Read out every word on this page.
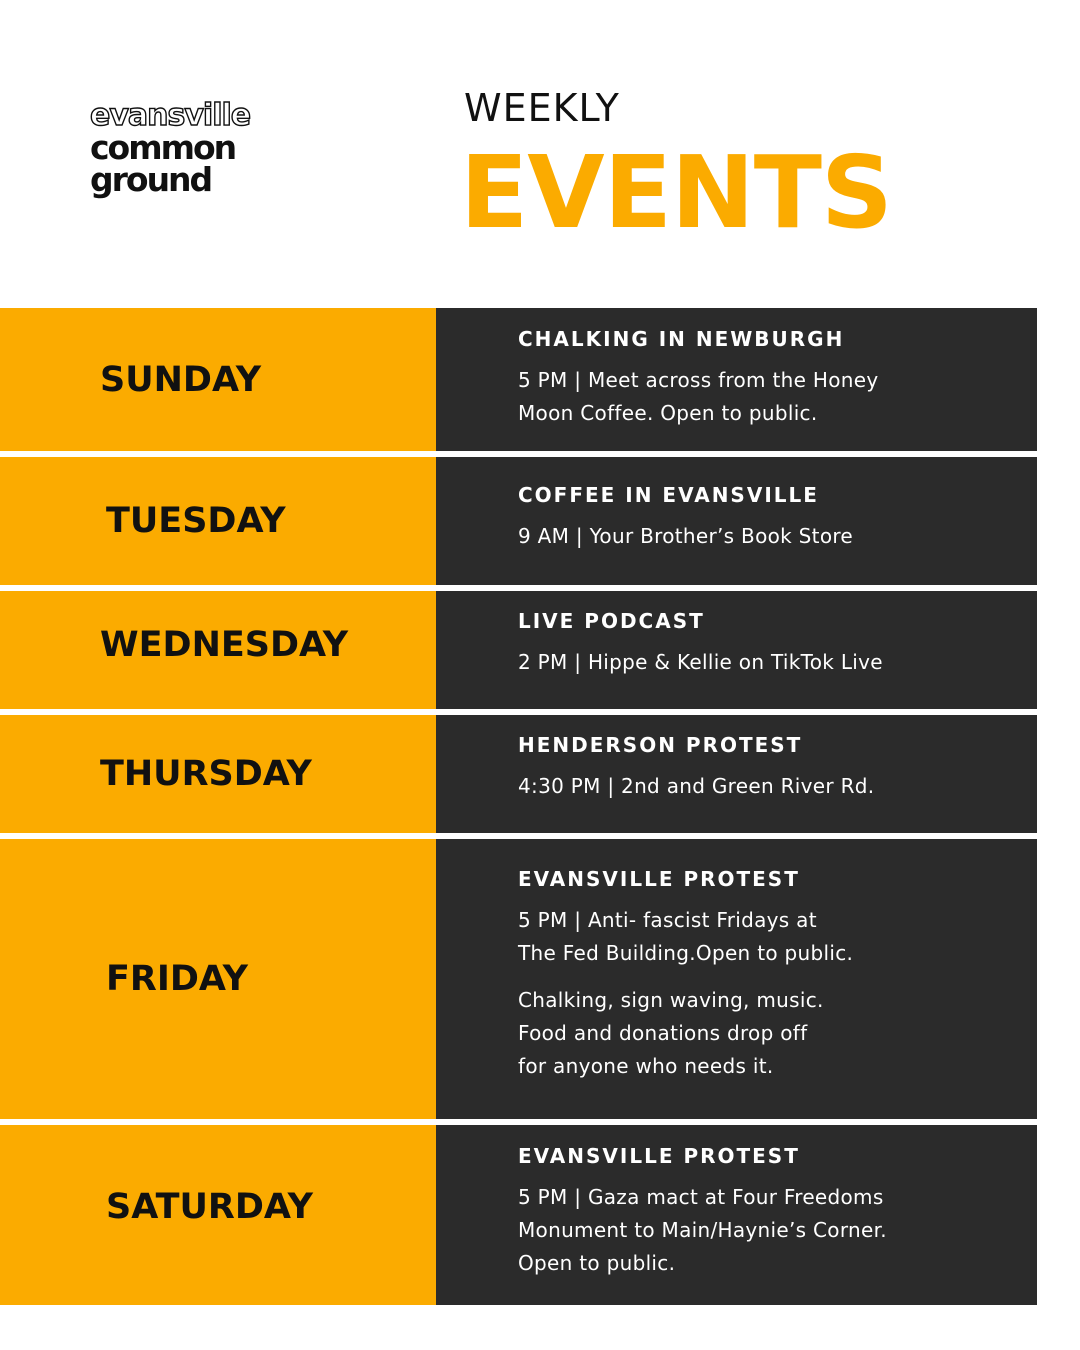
evansville
common
ground
WEEKLY
EVENTS
SUNDAY
CHALKING IN NEWBURGH
5 PM | Meet across from the Honey
Moon Coffee. Open to public.
TUESDAY
COFFEE IN EVANSVILLE
9 AM | Your Brother’s Book Store
WEDNESDAY
LIVE PODCAST
2 PM | Hippe & Kellie on TikTok Live
THURSDAY
HENDERSON PROTEST
4:30 PM | 2nd and Green River Rd.
FRIDAY
EVANSVILLE PROTEST
5 PM | Anti- fascist Fridays at
The Fed Building.Open to public.
Chalking, sign waving, music.
Food and donations drop off
for anyone who needs it.
SATURDAY
EVANSVILLE PROTEST
5 PM | Gaza mact at Four Freedoms
Monument to Main/Haynie’s Corner.
Open to public.
